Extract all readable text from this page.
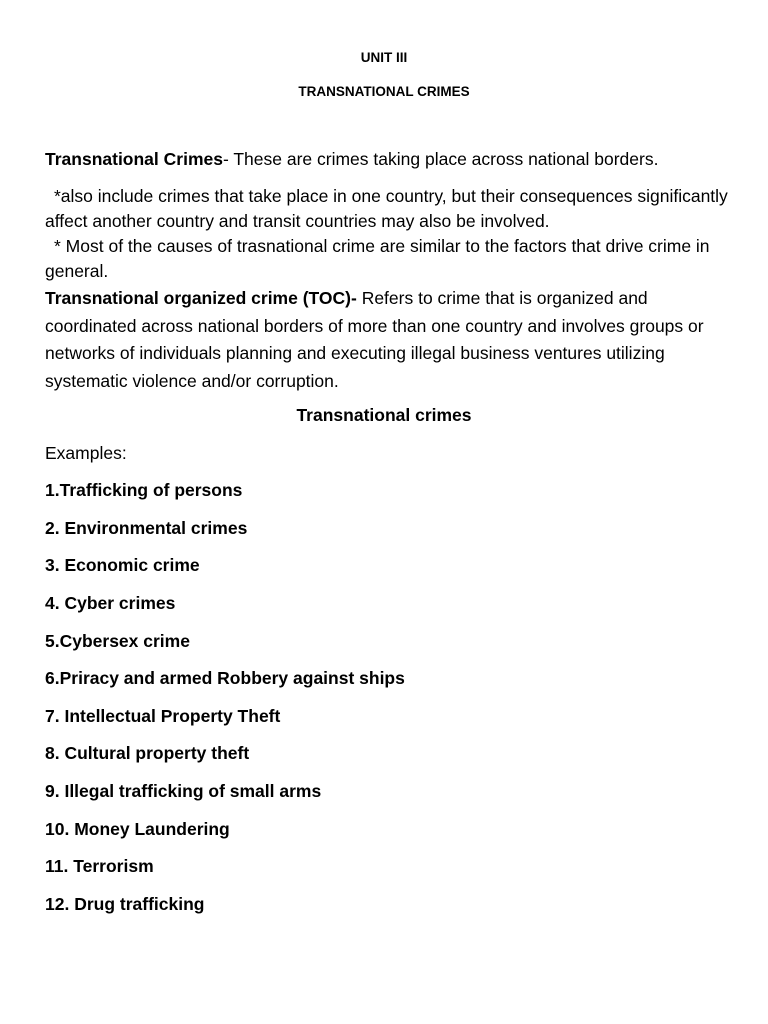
UNIT III
TRANSNATIONAL CRIMES
Transnational Crimes- These are crimes taking place across national borders.
*also include crimes that take place in one country, but their consequences significantly affect another country and transit countries may also be involved.
* Most of the causes of trasnational crime are similar to the factors that drive crime in general.
Transnational organized crime (TOC)- Refers to crime that is organized and coordinated across national borders of more than one country and involves groups or networks of individuals planning and executing illegal business ventures utilizing systematic violence and/or corruption.
Transnational crimes
Examples:
1.Trafficking of persons
2. Environmental crimes
3. Economic crime
4. Cyber crimes
5.Cybersex crime
6.Priracy and armed Robbery against ships
7. Intellectual Property Theft
8. Cultural property theft
9. Illegal trafficking of small arms
10. Money Laundering
11. Terrorism
12. Drug trafficking
